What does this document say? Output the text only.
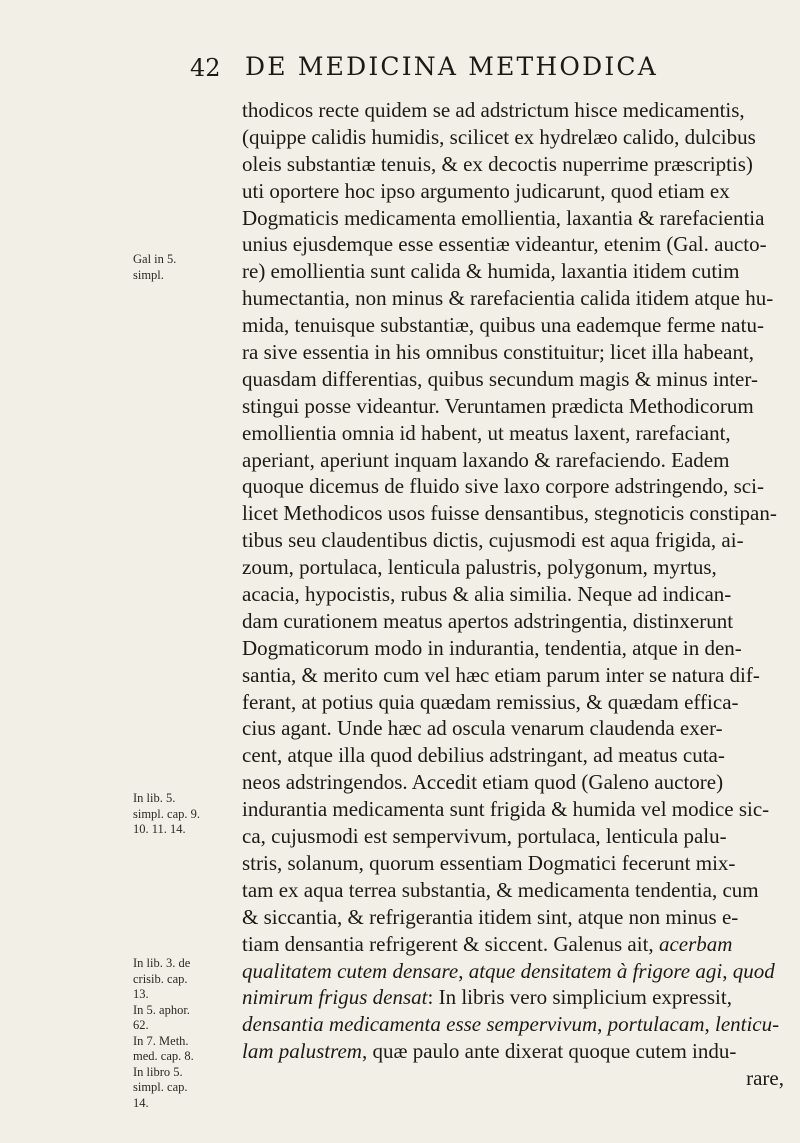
42 DE MEDICINA METHODICA
Gal in 5.
simpl.
In lib. 5.
simpl. cap. 9.
10. 11. 14.
In lib. 3. de
crisib. cap.
13.
In 5. aphor.
62.
In 7. Meth.
med. cap. 8.
In libro 5.
simpl. cap.
14.
thodicos recte quidem se ad adstrictum hisce medicamentis,
(quippe calidis humidis, scilicet ex hydrelæo calido, dulcibus
oleis substantiæ tenuis, & ex decoctis nuperrime præscriptis)
uti oportere hoc ipso argumento judicarunt, quod etiam ex
Dogmaticis medicamenta emollientia, laxantia & rarefacientia
unius ejusdemque esse essentiæ videantur, etenim (Gal. aucto-
re) emollientia sunt calida & humida, laxantia itidem cutim
humectantia, non minus & rarefacientia calida itidem atque hu-
mida, tenuisque substantiæ, quibus una eademque ferme natu-
ra sive essentia in his omnibus constituitur; licet illa habeant,
quasdam differentias, quibus secundum magis & minus inter-
stingui posse videantur. Veruntamen prædicta Methodicorum
emollientia omnia id habent, ut meatus laxent, rarefaciant,
aperiant, aperiunt inquam laxando & rarefaciendo. Eadem
quoque dicemus de fluido sive laxo corpore adstringendo, sci-
licet Methodicos usos fuisse densantibus, stegnoticis constipan-
tibus seu claudentibus dictis, cujusmodi est aqua frigida, ai-
zoum, portulaca, lenticula palustris, polygonum, myrtus,
acacia, hypocistis, rubus & alia similia. Neque ad indican-
dam curationem meatus apertos adstringentia, distinxerunt
Dogmaticorum modo in indurantia, tendentia, atque in den-
santia, & merito cum vel hæc etiam parum inter se natura dif-
ferant, at potius quia quædam remissius, & quædam effica-
cius agant. Unde hæc ad osculа venarum claudenda exer-
cent, atque illa quod debilius adstringant, ad meatus cuta-
neos adstringendos. Accedit etiam quod (Galeno auctore)
indurantia medicamenta sunt frigida & humida vel modice sic-
ca, cujusmodi est sempervivum, portulaca, lenticula palu-
stris, solanum, quorum essentiam Dogmatici fecerunt mix-
tam ex aqua terrea substantia, & medicamenta tendentia, cum
& siccantia, & refrigerantia itidem sint, atque non minus e-
tiam densantia refrigerent & siccent. Galenus ait, acerbam
qualitatem cutem densare, atque densitatem à frigore agi, quod
nimirum frigus densat: In libris vero simplicium expressit,
densantia medicamenta esse sempervivum, portulacam, lenticu-
lam palustrem, quæ paulo ante dixerat quoque cutem indu-
rare,
